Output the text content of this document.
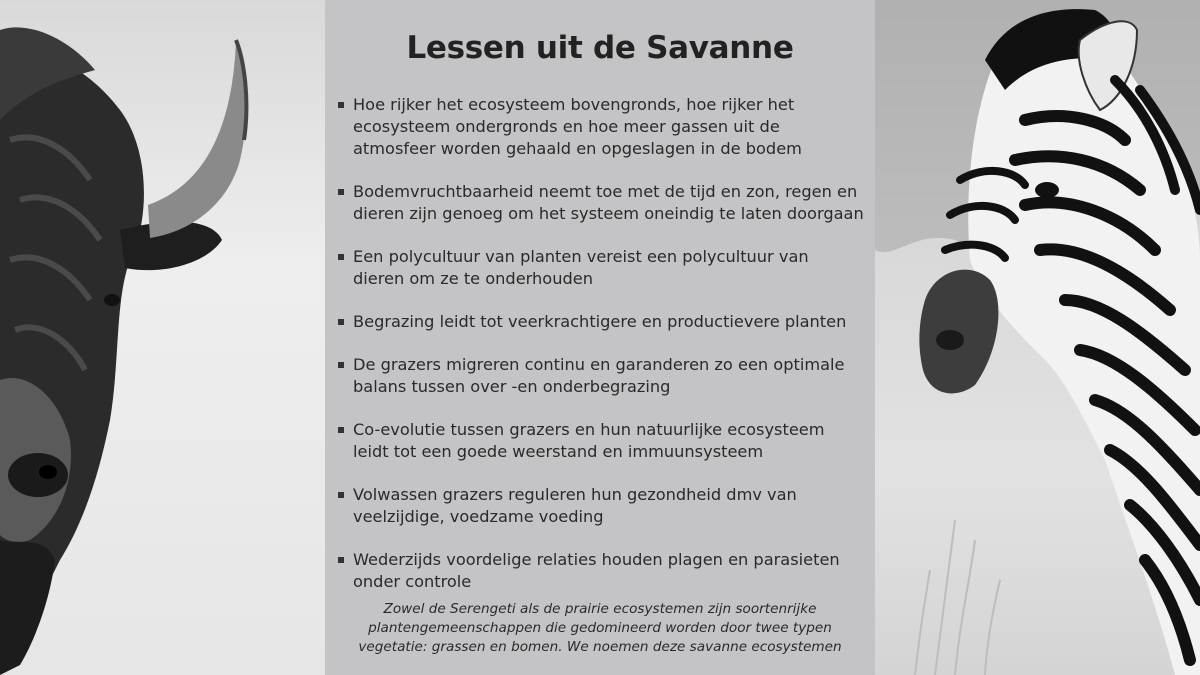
Lessen uit de Savanne
Hoe rijker het ecosysteem bovengronds, hoe rijker het ecosysteem ondergronds en hoe meer gassen uit de atmosfeer worden gehaald en opgeslagen in de bodem
Bodemvruchtbaarheid neemt toe met de tijd en zon, regen en dieren zijn genoeg om het systeem oneindig te laten doorgaan
Een polycultuur van planten vereist een polycultuur van dieren om ze te onderhouden
Begrazing leidt tot veerkrachtigere en productievere planten
De grazers migreren continu en garanderen zo een optimale balans tussen over -en onderbegrazing
Co-evolutie tussen grazers en hun natuurlijke ecosysteem leidt tot een goede weerstand en immuunsysteem
Volwassen grazers reguleren hun gezondheid dmv van veelzijdige, voedzame voeding
Wederzijds voordelige relaties houden plagen en parasieten onder controle
Zowel de Serengeti als de prairie ecosystemen zijn soortenrijke plantengemeenschappen die gedomineerd worden door twee typen vegetatie: grassen en bomen. We noemen deze savanne ecosystemen
